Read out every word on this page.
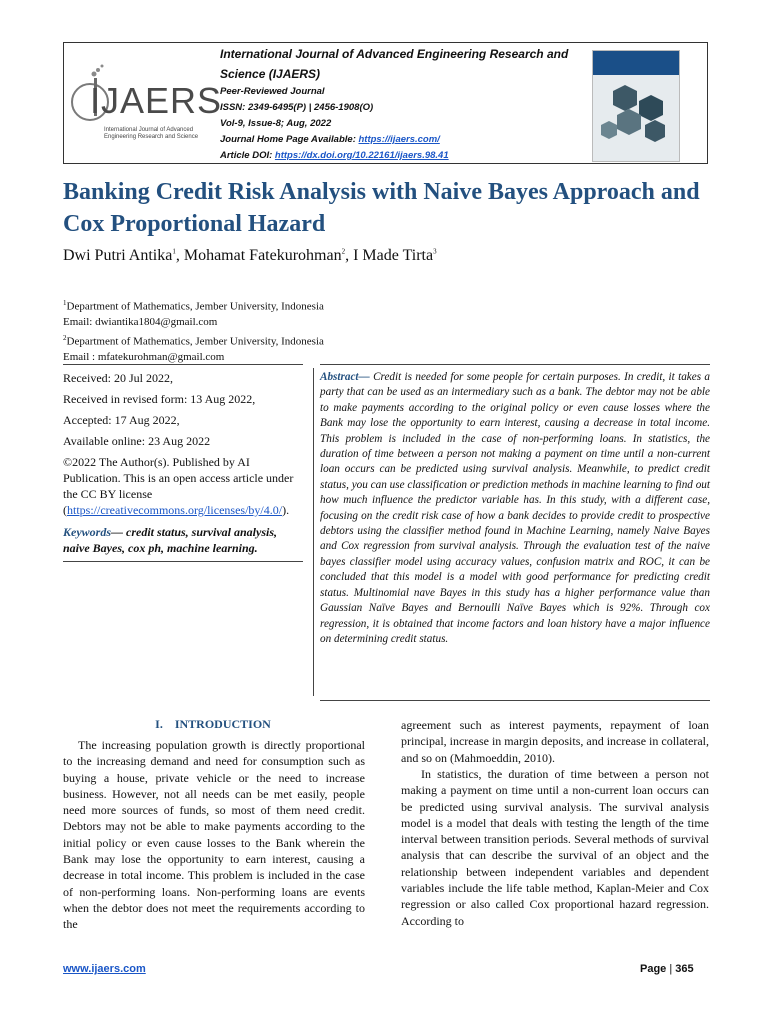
IJAERS
International Journal of Advanced Engineering Research and Science
International Journal of Advanced Engineering Research and Science (IJAERS)
Peer-Reviewed Journal
ISSN: 2349-6495(P) | 2456-1908(O)
Vol-9, Issue-8; Aug, 2022
Journal Home Page Available: https://ijaers.com/
Article DOI: https://dx.doi.org/10.22161/ijaers.98.41
Banking Credit Risk Analysis with Naive Bayes Approach and Cox Proportional Hazard
Dwi Putri Antika$^1$, Mohamat Fatekurohman$^2$, I Made Tirta$^3$
$^1$Department of Mathematics, Jember University, Indonesia
Email: dwiantika1804@gmail.com
$^2$Department of Mathematics, Jember University, Indonesia
Email : mfatekurohman@gmail.com

Received: 20 Jul 2022,

Received in revised form: 13 Aug 2022,

Accepted: 17 Aug 2022,

Available online: 23 Aug 2022

©2022 The Author(s). Published by AI Publication. This is an open access article under the CC BY license
(https://creativecommons.org/licenses/by/4.0/).

Keywords— credit status, survival analysis, naive Bayes, cox ph, machine learning.

Abstract— Credit is needed for some people for certain purposes. In credit, it takes a party that can be used as an intermediary such as a bank. The debtor may not be able to make payments according to the original policy or even cause losses where the Bank may lose the opportunity to earn interest, causing a decrease in total income. This problem is included in the case of non-performing loans. In statistics, the duration of time between a person not making a payment on time until a non-current loan occurs can be predicted using survival analysis. Meanwhile, to predict credit status, you can use classification or prediction methods in machine learning to find out how much influence the predictor variable has. In this study, with a different case, focusing on the credit risk case of how a bank decides to provide credit to prospective debtors using the classifier method found in Machine Learning, namely Naive Bayes and Cox regression from survival analysis. Through the evaluation test of the naive bayes classifier model using accuracy values, confusion matrix and ROC, it can be concluded that this model is a model with good performance for predicting credit status. Multinomial nave Bayes in this study has a higher performance value than Gaussian Naïve Bayes and Bernoulli Naïve Bayes which is 92%. Through cox regression, it is obtained that income factors and loan history have a major influence on determining credit status.
I.    INTRODUCTION
The increasing population growth is directly proportional to the increasing demand and need for consumption such as buying a house, private vehicle or the need to increase business. However, not all needs can be met easily, people need more sources of funds, so most of them need credit. Debtors may not be able to make payments according to the initial policy or even cause losses to the Bank wherein the Bank may lose the opportunity to earn interest, causing a decrease in total income. This problem is included in the case of non-performing loans. Non-performing loans are events when the debtor does not meet the requirements according to the
agreement such as interest payments, repayment of loan principal, increase in margin deposits, and increase in collateral, and so on (Mahmoeddin, 2010).
In statistics, the duration of time between a person not making a payment on time until a non-current loan occurs can be predicted using survival analysis. The survival analysis model is a model that deals with testing the length of the time interval between transition periods. Several methods of survival analysis that can describe the survival of an object and the relationship between independent variables and dependent variables include the life table method, Kaplan-Meier and Cox regression or also called Cox proportional hazard regression. According to
www.ijaers.com	Page | 365
